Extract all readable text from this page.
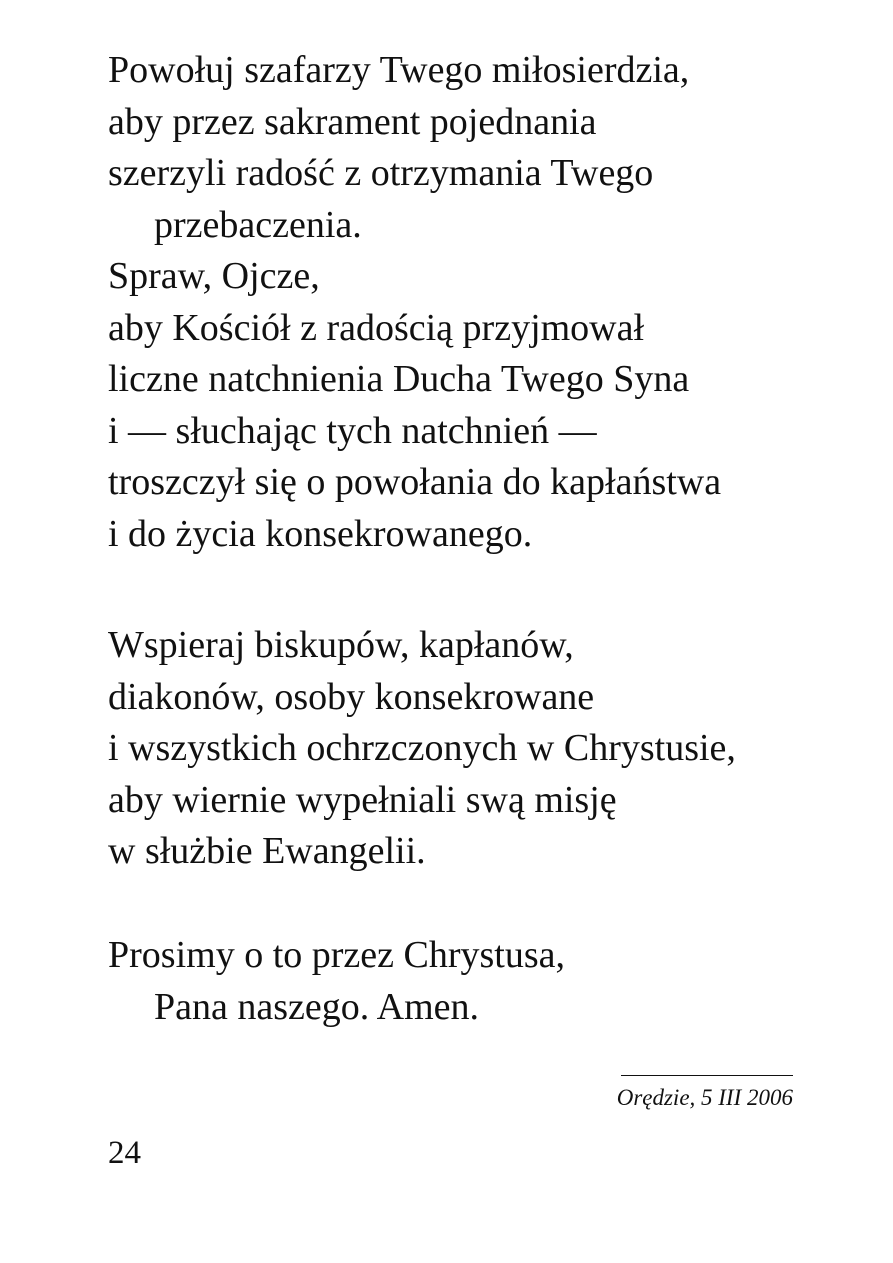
Powołuj szafarzy Twego miłosierdzia,
aby przez sakrament pojednania
szerzyli radość z otrzymania Twego
przebaczenia.
Spraw, Ojcze,
aby Kościół z radością przyjmował
liczne natchnienia Ducha Twego Syna
i — słuchając tych natchnień —
troszczył się o powołania do kapłaństwa
i do życia konsekrowanego.
Wspieraj biskupów, kapłanów,
diakonów, osoby konsekrowane
i wszystkich ochrzczonych w Chrystusie,
aby wiernie wypełniali swą misję
w służbie Ewangelii.
Prosimy o to przez Chrystusa,
Pana naszego. Amen.
Orędzie, 5 III 2006
24
